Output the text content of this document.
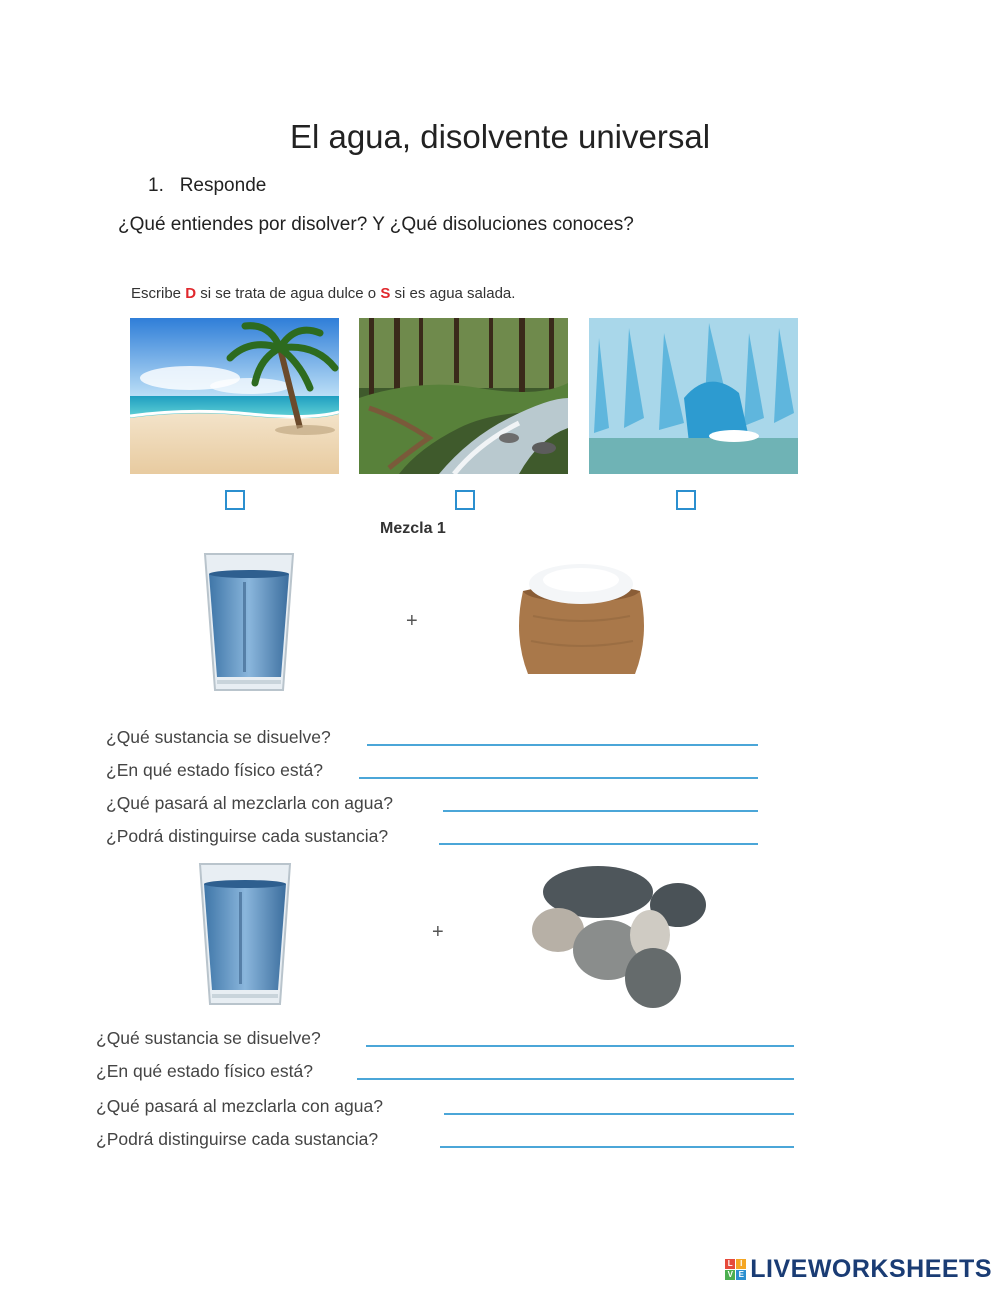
El agua, disolvente universal
1. Responde
¿Qué entiendes por disolver? Y ¿Qué disoluciones conoces?
Escribe D si se trata de agua dulce o S si es agua salada.
Mezcla 1
+
¿Qué sustancia se disuelve?
¿En qué estado físico está?
¿Qué pasará al mezclarla con agua?
¿Podrá distinguirse cada sustancia?
+
¿Qué sustancia se disuelve?
¿En qué estado físico está?
¿Qué pasará al mezclarla con agua?
¿Podrá distinguirse cada sustancia?
L I
V E LIVEWORKSHEETS
